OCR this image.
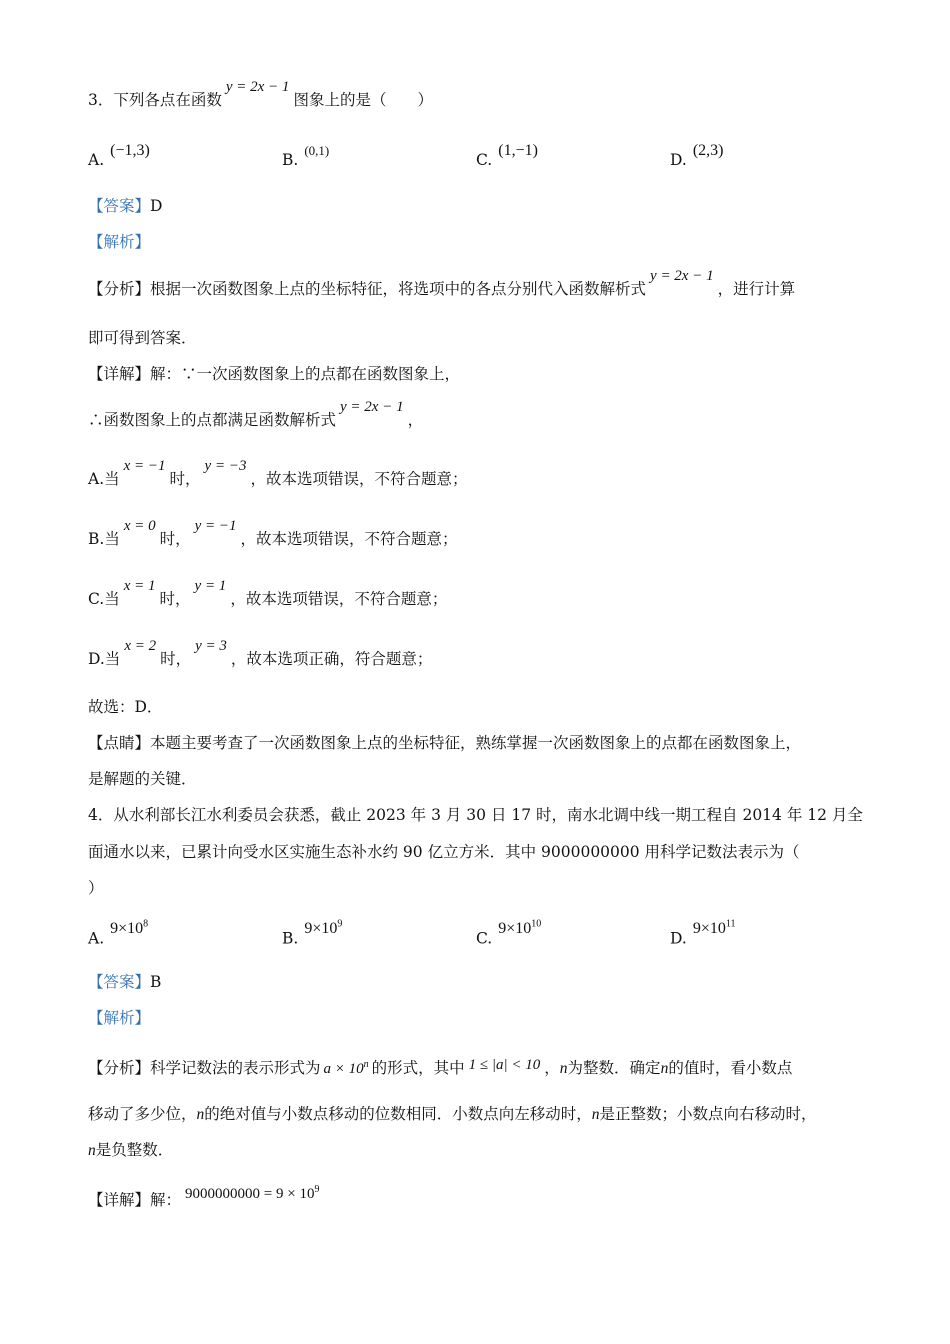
3．下列各点在函数y = 2x − 1图象上的是（　　）
A.(−1,3)
B.$^{(0,1)}$
C.(1,−1)
D.(2,3)
【答案】D
【解析】
【分析】根据一次函数图象上点的坐标特征，将选项中的各点分别代入函数解析式y = 2x − 1，进行计算
即可得到答案．
【详解】解：∵一次函数图象上的点都在函数图象上，
∴函数图象上的点都满足函数解析式y = 2x − 1，
A.当x = −1时，y = −3，故本选项错误，不符合题意；
B.当x = 0时，y = −1，故本选项错误，不符合题意；
C.当x = 1时，y = 1，故本选项错误，不符合题意；
D.当x = 2时，y = 3，故本选项正确，符合题意；
故选：D．
【点睛】本题主要考查了一次函数图象上点的坐标特征，熟练掌握一次函数图象上的点都在函数图象上，
是解题的关键．
4．从水利部长江水利委员会获悉，截止 2023 年 3 月 30 日 17 时，南水北调中线一期工程自 2014 年 12 月全
面通水以来，已累计向受水区实施生态补水约 90 亿立方米．其中 9000000000 用科学记数法表示为（
）
$A.9\times 10^8$
$B.9\times 10^9$
$C.9\times 10^{10}$
$D.9\times 10^{11}$
【答案】B
【解析】
【分析】科学记数法的表示形式为 $a \times 10^n$ 的形式，其中 1 ≤ |a| < 10 ，n为整数．确定n的值时，看小数点
移动了多少位，n的绝对值与小数点移动的位数相同．小数点向左移动时，n是正整数；小数点向右移动时，
n是负整数．
【详解】解： $9000000000 = 9 \times 10^9$
